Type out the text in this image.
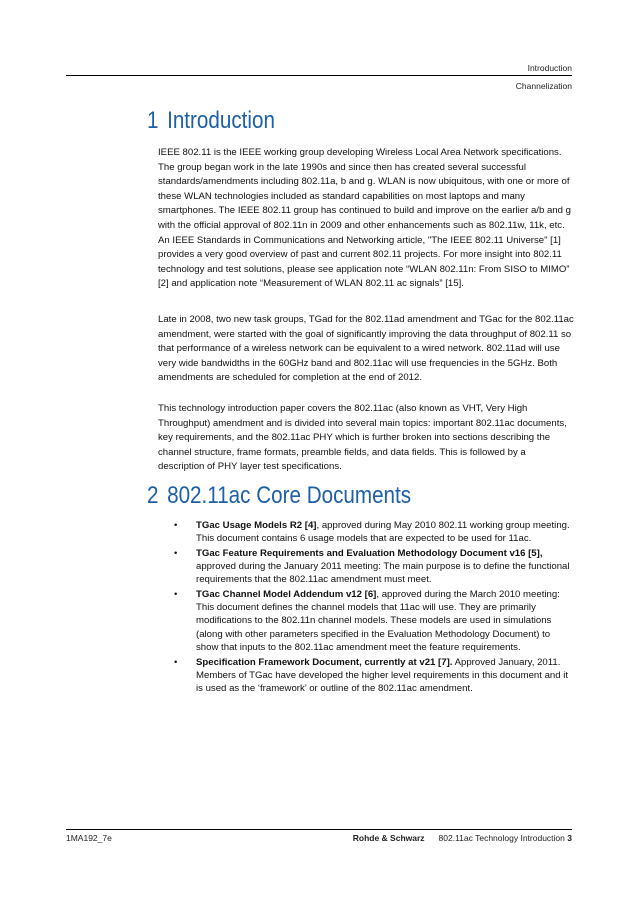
Introduction
Channelization
1 Introduction

IEEE 802.11 is the IEEE working group developing Wireless Local Area Network specifications. The group began work in the late 1990s and since then has created several successful standards/amendments including 802.11a, b and g. WLAN is now ubiquitous, with one or more of these WLAN technologies included as standard capabilities on most laptops and many smartphones. The IEEE 802.11 group has continued to build and improve on the earlier a/b and g with the official approval of 802.11n in 2009 and other enhancements such as 802.11w, 11k, etc. An IEEE Standards in Communications and Networking article, "The IEEE 802.11 Universe" [1] provides a very good overview of past and current 802.11 projects. For more insight into 802.11 technology and test solutions, please see application note “WLAN 802.11n: From SISO to MIMO” [2] and application note “Measurement of WLAN 802.11 ac signals” [15].

Late in 2008, two new task groups, TGad for the 802.11ad amendment and TGac for the 802.11ac amendment, were started with the goal of significantly improving the data throughput of 802.11 so that performance of a wireless network can be equivalent to a wired network. 802.11ad will use very wide bandwidths in the 60GHz band and 802.11ac will use frequencies in the 5GHz. Both amendments are scheduled for completion at the end of 2012.

This technology introduction paper covers the 802.11ac (also known as VHT, Very High Throughput) amendment and is divided into several main topics: important 802.11ac documents, key requirements, and the 802.11ac PHY which is further broken into sections describing the channel structure, frame formats, preamble fields, and data fields. This is followed by a description of PHY layer test specifications.

2 802.11ac Core Documents
• TGac Usage Models R2 [4], approved during May 2010 802.11 working group meeting. This document contains 6 usage models that are expected to be used for 11ac.
• TGac Feature Requirements and Evaluation Methodology Document v16 [5], approved during the January 2011 meeting: The main purpose is to define the functional requirements that the 802.11ac amendment must meet.
• TGac Channel Model Addendum v12 [6], approved during the March 2010 meeting: This document defines the channel models that 11ac will use. They are primarily modifications to the 802.11n channel models. These models are used in simulations (along with other parameters specified in the Evaluation Methodology Document) to show that inputs to the 802.11ac amendment meet the feature requirements.
• Specification Framework Document, currently at v21 [7]. Approved January, 2011. Members of TGac have developed the higher level requirements in this document and it is used as the ‘framework’ or outline of the 802.11ac amendment.
1MA192_7e	Rohde & Schwarz 802.11ac Technology Introduction 3
